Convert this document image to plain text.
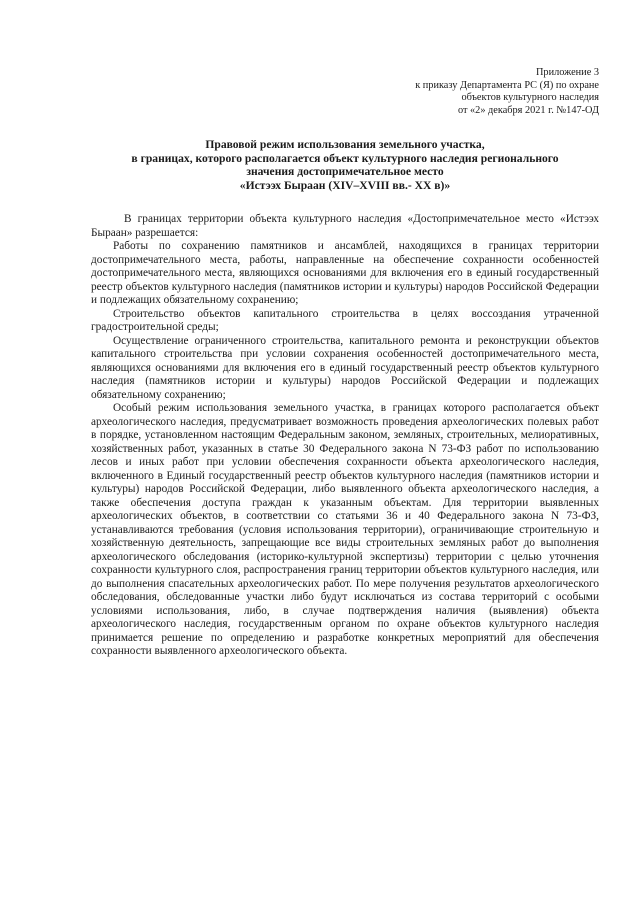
Приложение 3
к приказу Департамента РС (Я) по охране
объектов культурного наследия
от «2» декабря 2021 г. №147-ОД
Правовой режим использования земельного участка,
в границах, которого располагается объект культурного наследия регионального
значения достопримечательное место
«Истээх Быраан (XIV–XVIII вв.- XX в)»

В границах территории объекта культурного наследия «Достопримечательное место «Истээх Быраан» разрешается:

Работы по сохранению памятников и ансамблей, находящихся в границах территории достопримечательного места, работы, направленные на обеспечение сохранности особенностей достопримечательного места, являющихся основаниями для включения его в единый государственный реестр объектов культурного наследия (памятников истории и культуры) народов Российской Федерации и подлежащих обязательному сохранению;

Строительство объектов капитального строительства в целях воссоздания утраченной градостроительной среды;

Осуществление ограниченного строительства, капитального ремонта и реконструкции объектов капитального строительства при условии сохранения особенностей достопримечательного места, являющихся основаниями для включения его в единый государственный реестр объектов культурного наследия (памятников истории и культуры) народов Российской Федерации и подлежащих обязательному сохранению;

Особый режим использования земельного участка, в границах которого располагается объект археологического наследия, предусматривает возможность проведения археологических полевых работ в порядке, установленном настоящим Федеральным законом, земляных, строительных, мелиоративных, хозяйственных работ, указанных в статье 30 Федерального закона N 73-ФЗ работ по использованию лесов и иных работ при условии обеспечения сохранности объекта археологического наследия, включенного в Единый государственный реестр объектов культурного наследия (памятников истории и культуры) народов Российской Федерации, либо выявленного объекта археологического наследия, а также обеспечения доступа граждан к указанным объектам. Для территории выявленных археологических объектов, в соответствии со статьями 36 и 40 Федерального закона N 73-ФЗ, устанавливаются требования (условия использования территории), ограничивающие строительную и хозяйственную деятельность, запрещающие все виды строительных земляных работ до выполнения археологического обследования (историко-культурной экспертизы) территории с целью уточнения сохранности культурного слоя, распространения границ территории объектов культурного наследия, или до выполнения спасательных археологических работ. По мере получения результатов археологического обследования, обследованные участки либо будут исключаться из состава территорий с особыми условиями использования, либо, в случае подтверждения наличия (выявления) объекта археологического наследия, государственным органом по охране объектов культурного наследия принимается решение по определению и разработке конкретных мероприятий для обеспечения сохранности выявленного археологического объекта.
